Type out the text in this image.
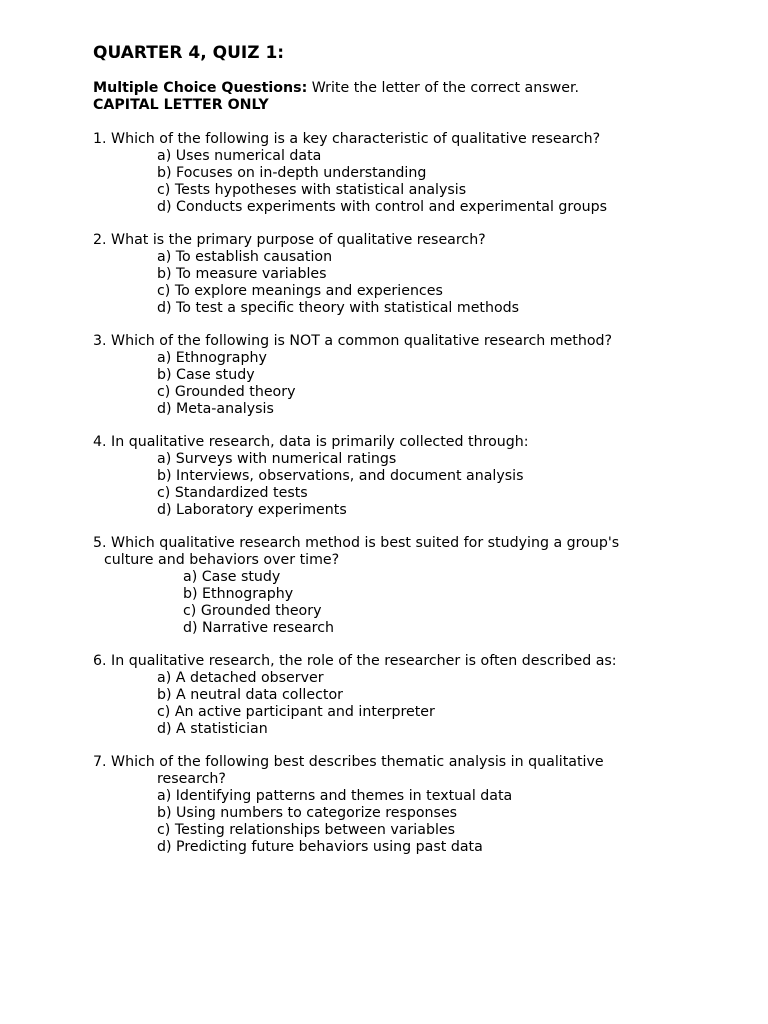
QUARTER 4, QUIZ 1:
Multiple Choice Questions: Write the letter of the correct answer.
CAPITAL LETTER ONLY
1. Which of the following is a key characteristic of qualitative research?
a) Uses numerical data
b) Focuses on in-depth understanding
c) Tests hypotheses with statistical analysis
d) Conducts experiments with control and experimental groups
2. What is the primary purpose of qualitative research?
a) To establish causation
b) To measure variables
c) To explore meanings and experiences
d) To test a specific theory with statistical methods
3. Which of the following is NOT a common qualitative research method?
a) Ethnography
b) Case study
c) Grounded theory
d) Meta-analysis
4. In qualitative research, data is primarily collected through:
a) Surveys with numerical ratings
b) Interviews, observations, and document analysis
c) Standardized tests
d) Laboratory experiments
5. Which qualitative research method is best suited for studying a group's
culture and behaviors over time?
a) Case study
b) Ethnography
c) Grounded theory
d) Narrative research
6. In qualitative research, the role of the researcher is often described as:
a) A detached observer
b) A neutral data collector
c) An active participant and interpreter
d) A statistician
7. Which of the following best describes thematic analysis in qualitative
research?
a) Identifying patterns and themes in textual data
b) Using numbers to categorize responses
c) Testing relationships between variables
d) Predicting future behaviors using past data
